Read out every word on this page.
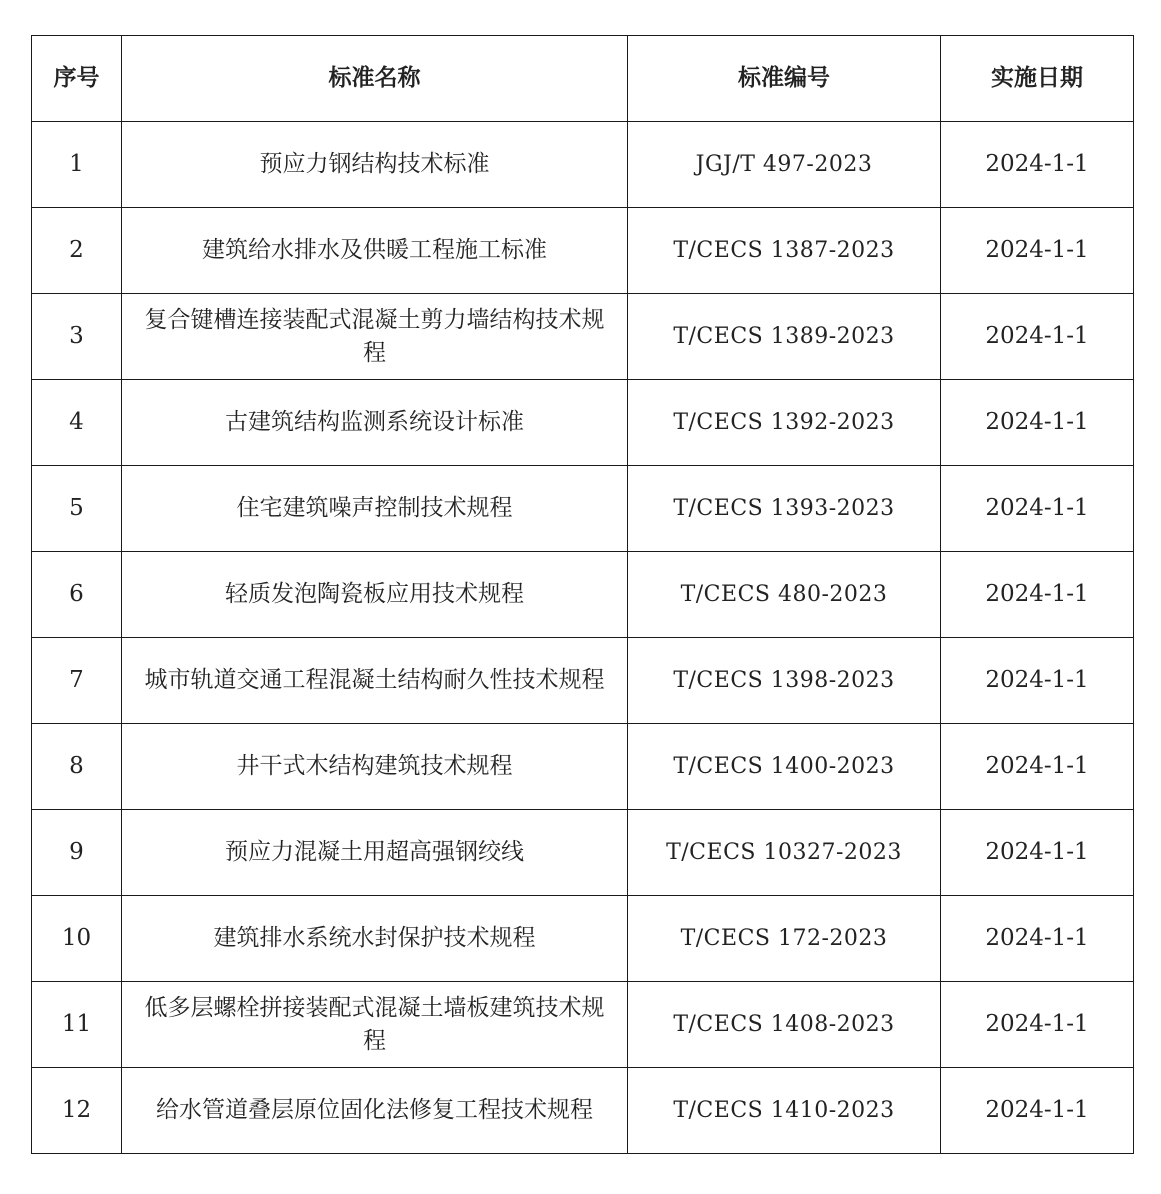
序号	标准名称	标准编号	实施日期
1	预应力钢结构技术标准	JGJ/T 497-2023	2024-1-1
2	建筑给水排水及供暖工程施工标准	T/CECS 1387-2023	2024-1-1
3	复合键槽连接装配式混凝土剪力墙结构技术规程	T/CECS 1389-2023	2024-1-1
4	古建筑结构监测系统设计标准	T/CECS 1392-2023	2024-1-1
5	住宅建筑噪声控制技术规程	T/CECS 1393-2023	2024-1-1
6	轻质发泡陶瓷板应用技术规程	T/CECS 480-2023	2024-1-1
7	城市轨道交通工程混凝土结构耐久性技术规程	T/CECS 1398-2023	2024-1-1
8	井干式木结构建筑技术规程	T/CECS 1400-2023	2024-1-1
9	预应力混凝土用超高强钢绞线	T/CECS 10327-2023	2024-1-1
10	建筑排水系统水封保护技术规程	T/CECS 172-2023	2024-1-1
11	低多层螺栓拼接装配式混凝土墙板建筑技术规程	T/CECS 1408-2023	2024-1-1
12	给水管道叠层原位固化法修复工程技术规程	T/CECS 1410-2023	2024-1-1
